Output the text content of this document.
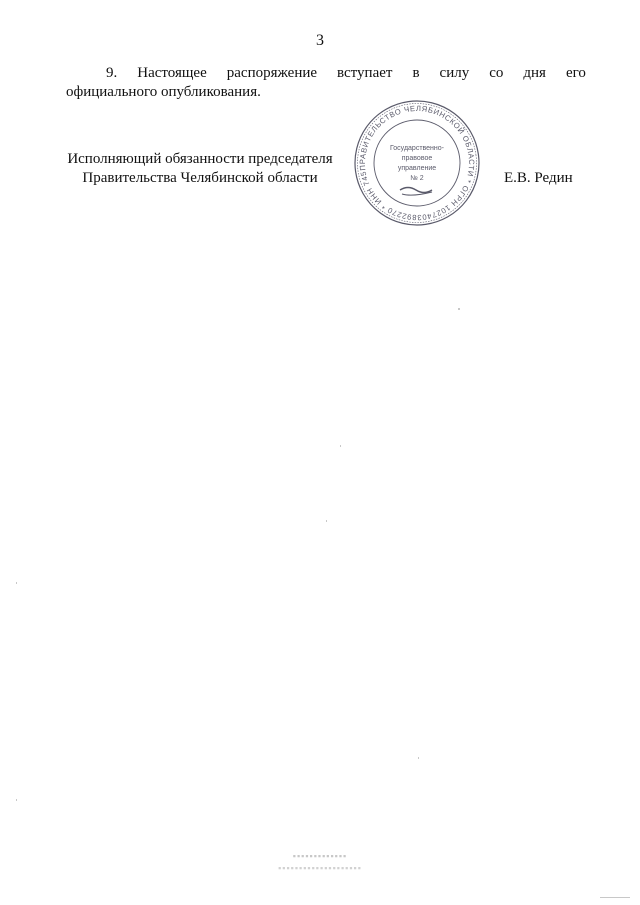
3
9. Настоящее распоряжение вступает в силу со дня его
официального опубликования.
Исполняющий обязанности председателя
Правительства Челябинской области
ПРАВИТЕЛЬСТВО ЧЕЛЯБИНСКОЙ ОБЛАСТИ * ОГРН 1027403892270 * ИНН 7453042227
Государственно-
правовое
управление
№ 2	Е.В. Редин
▪▪▪▪▪▪▪▪▪▪▪▪▪
▪▪▪▪▪▪▪▪▪▪▪▪▪▪▪▪▪▪▪▪
